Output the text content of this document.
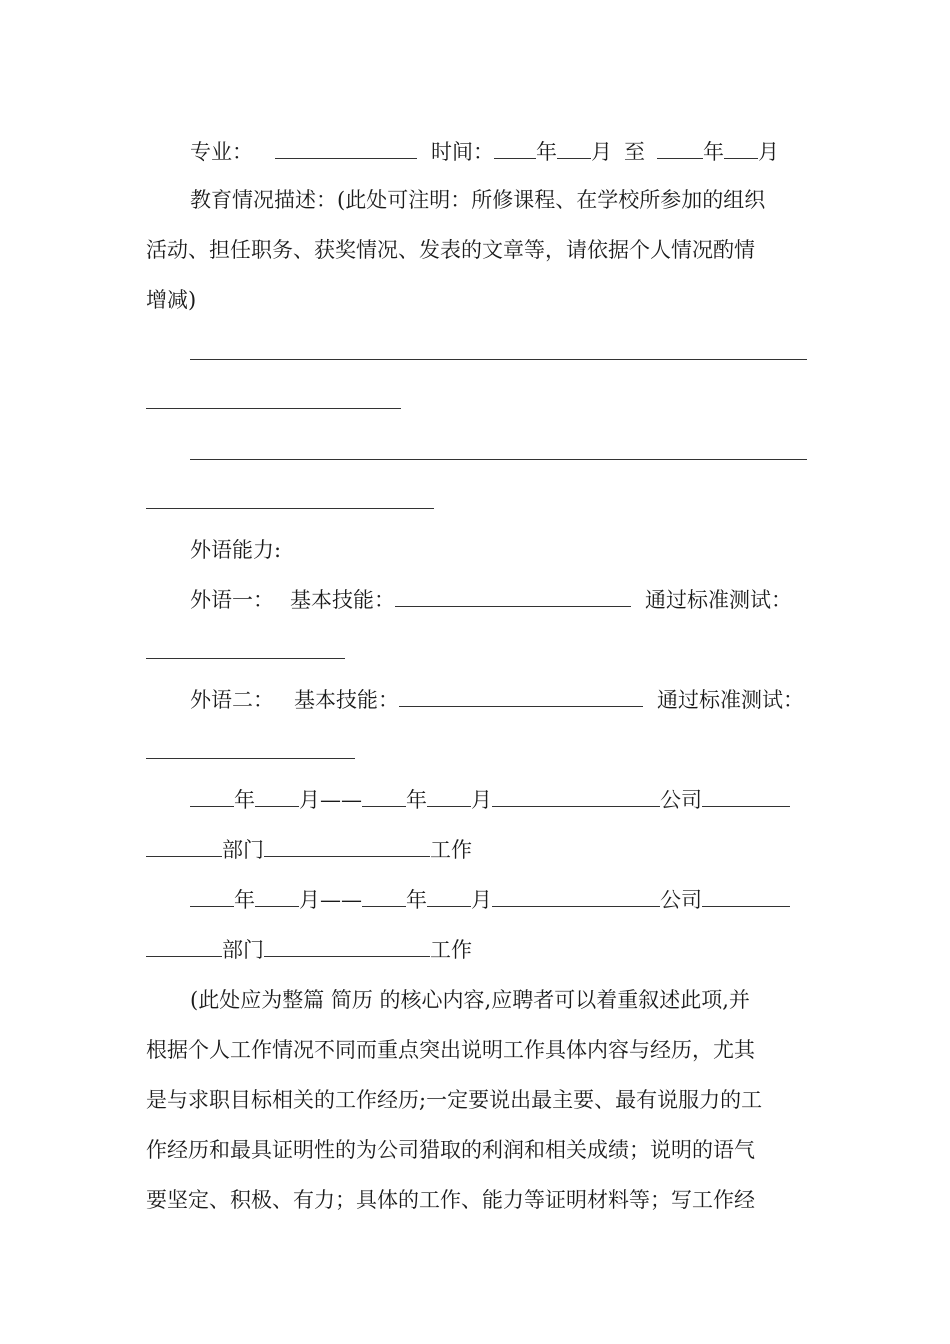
专业：	时间： 年 月 至	年 月
教育情况描述：(此处可注明：所修课程、在学校所参加的组织
活动、担任职务、获奖情况、发表的文章等，请依据个人情况酌情
增减)
外语能力:
外语一： 基本技能：	通过标准测试：
外语二： 基本技能：	通过标准测试：
年 月—— 年 月	公司
部门	工作
年 月—— 年 月	公司
部门	工作
(此处应为整篇 简历 的核心内容,应聘者可以着重叙述此项,并
根据个人工作情况不同而重点突出说明工作具体内容与经历，尤其
是与求职目标相关的工作经历;一定要说出最主要、最有说服力的工
作经历和最具证明性的为公司猎取的利润和相关成绩；说明的语气
要坚定、积极、有力；具体的工作、能力等证明材料等；写工作经
